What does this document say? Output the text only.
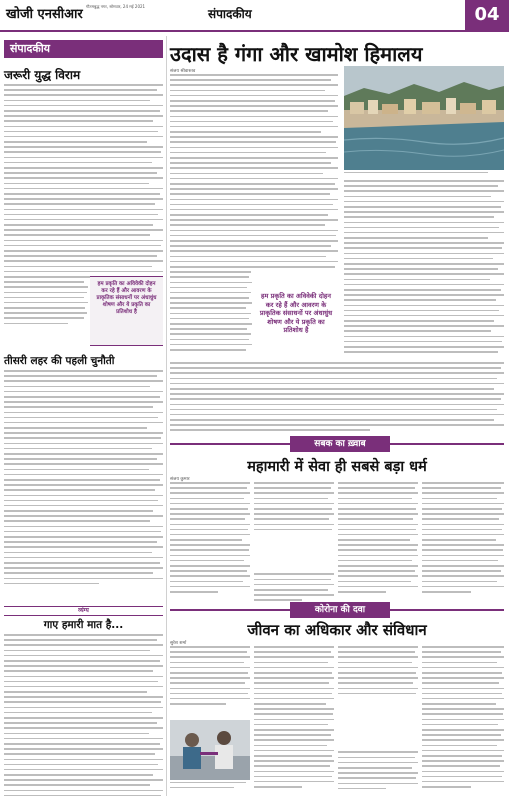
खोजी एनसीआर
गौतमबुद्ध नगर, सोमवार, 24 मई 2021
संपादकीय	04
संपादकीय
जरूरी युद्ध विराम
हम प्रकृति का अविवेकी दोहन कर रहे हैं और आवरण के प्राकृतिक संसाधनों पर अंधाधुंध शोषण और ये प्रकृति का प्रतिशोध है
तीसरी लहर की पहली चुनौती
व्यंग्य
गाए हमारी मात है...
उदास है गंगा और खामोश हिमालय
संजय श्रीवास्तव
हम प्रकृति का अविवेकी दोहन कर रहे हैं और आवरण के प्राकृतिक संसाधनों पर अंधाधुंध शोषण और ये प्रकृति का प्रतिशोध है
सबक का ख़्वाब
महामारी में सेवा ही सबसे बड़ा धर्म
संजय कुमार
कोरोना की दवा
जीवन का अधिकार और संविधान
सुरेश शर्मा
